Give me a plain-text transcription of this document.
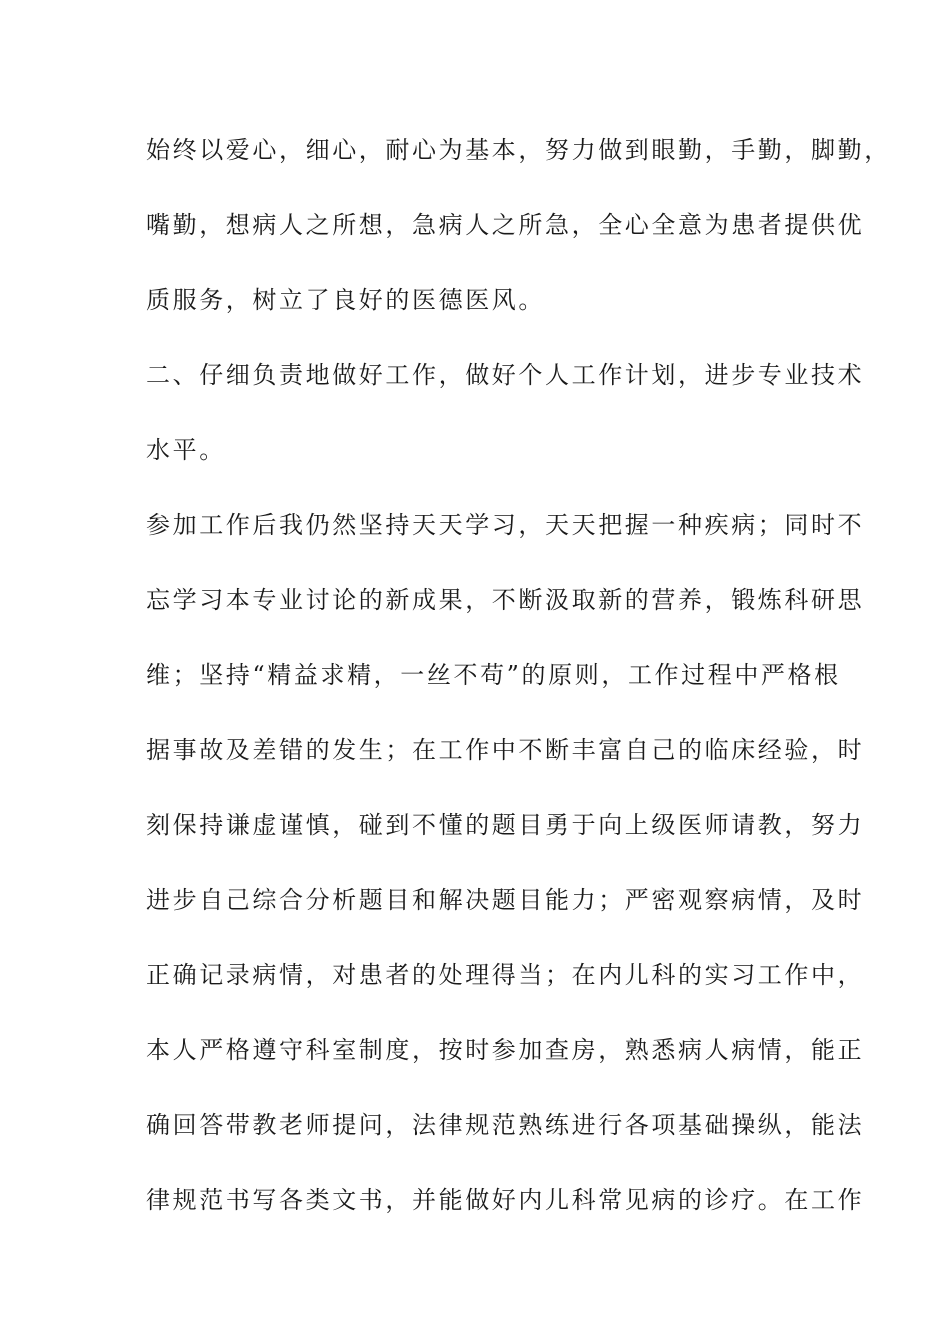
始终以爱心，细心，耐心为基本，努力做到眼勤，手勤，脚勤，

嘴勤，想病人之所想，急病人之所急，全心全意为患者提供优

质服务，树立了良好的医德医风。

二、仔细负责地做好工作，做好个人工作计划，进步专业技术

水平。

参加工作后我仍然坚持天天学习，天天把握一种疾病；同时不

忘学习本专业讨论的新成果，不断汲取新的营养，锻炼科研思

维；坚持“精益求精，一丝不苟”的原则，工作过程中严格根

据事故及差错的发生；在工作中不断丰富自己的临床经验，时

刻保持谦虚谨慎，碰到不懂的题目勇于向上级医师请教，努力

进步自己综合分析题目和解决题目能力；严密观察病情，及时

正确记录病情，对患者的处理得当；在内儿科的实习工作中，

本人严格遵守科室制度，按时参加查房，熟悉病人病情，能正

确回答带教老师提问，法律规范熟练进行各项基础操纵，能法

律规范书写各类文书，并能做好内儿科常见病的诊疗。在工作
